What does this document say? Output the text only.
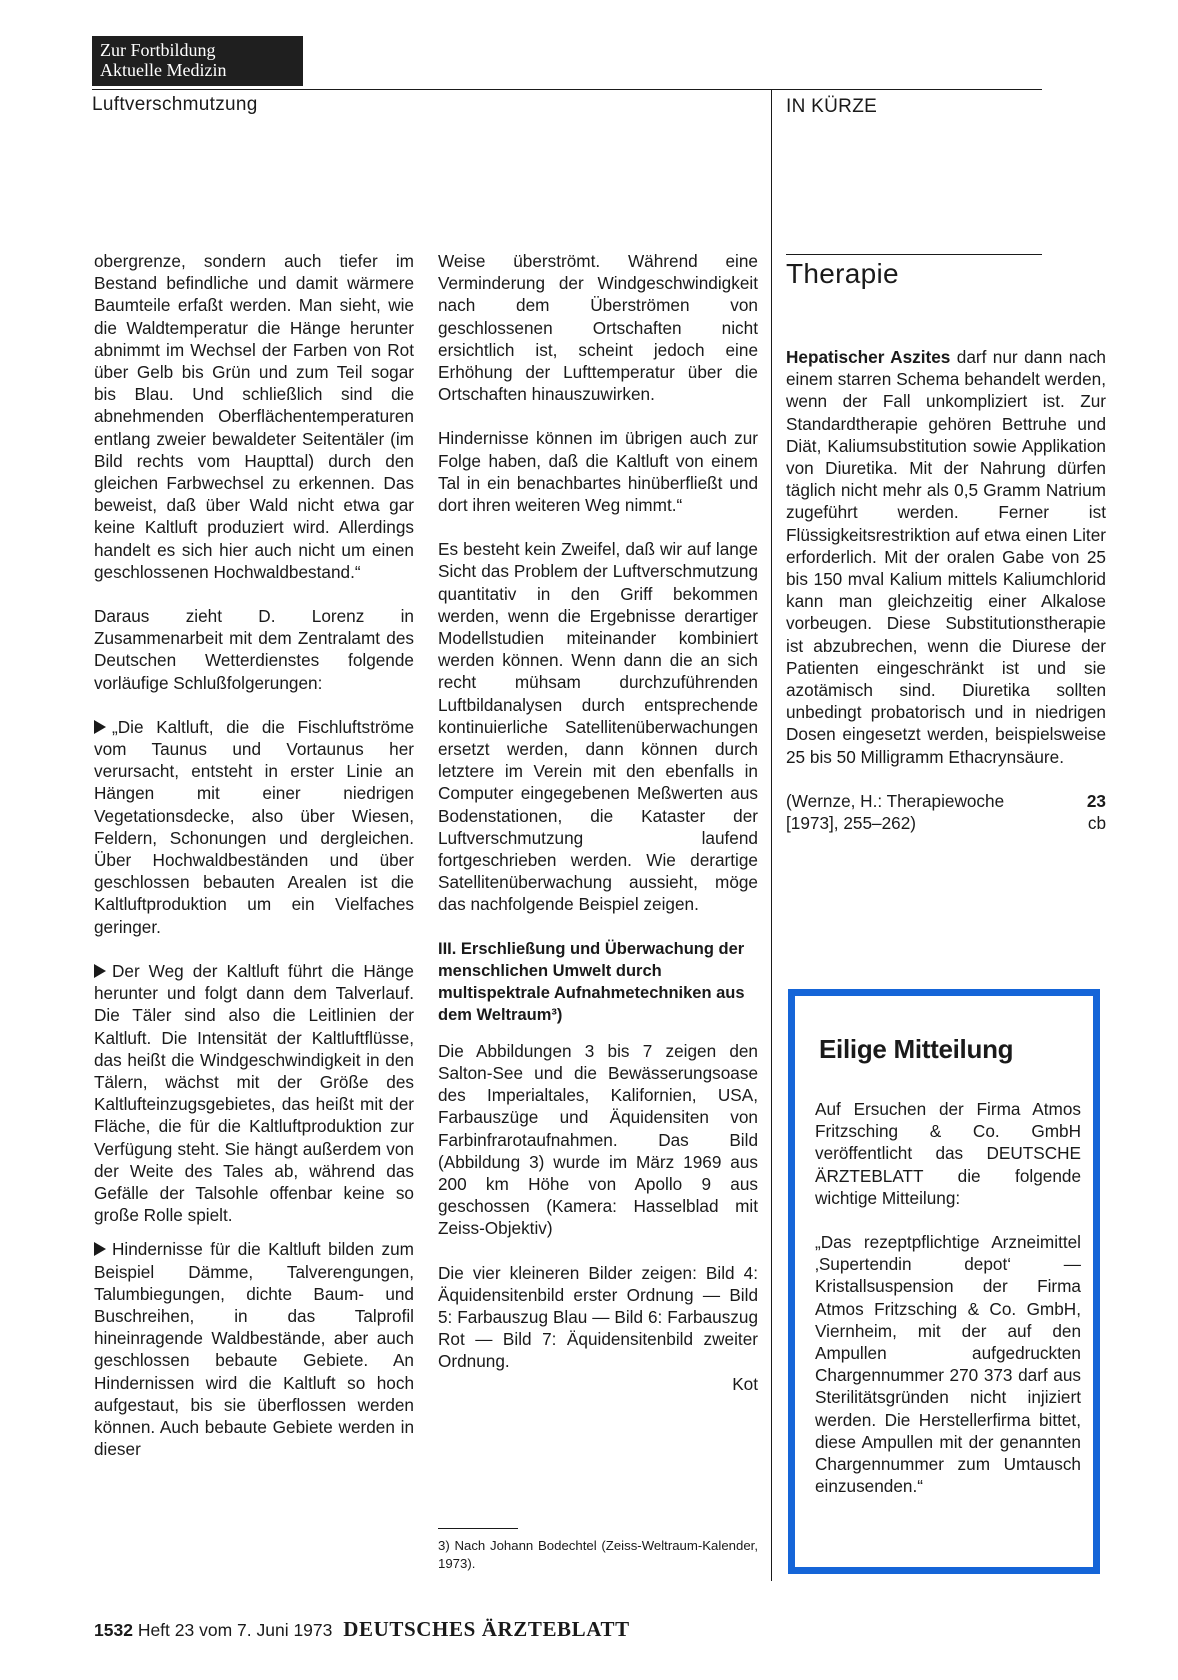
Zur Fortbildung
Aktuelle Medizin
Luftverschmutzung	IN KÜRZE

obergrenze, sondern auch tiefer im Bestand befindliche und damit wärmere Baumteile erfaßt werden. Man sieht, wie die Waldtemperatur die Hänge herunter abnimmt im Wechsel der Farben von Rot über Gelb bis Grün und zum Teil sogar bis Blau. Und schließlich sind die abnehmenden Oberflächentemperaturen entlang zweier bewaldeter Seitentäler (im Bild rechts vom Haupttal) durch den gleichen Farbwechsel zu erkennen. Das beweist, daß über Wald nicht etwa gar keine Kaltluft produziert wird. Allerdings handelt es sich hier auch nicht um einen geschlossenen Hochwaldbestand.“

Daraus zieht D. Lorenz in Zusammenarbeit mit dem Zentralamt des Deutschen Wetterdienstes folgende vorläufige Schlußfolgerungen:

„Die Kaltluft, die die Fischluftströme vom Taunus und Vortaunus her verursacht, entsteht in erster Linie an Hängen mit einer niedrigen Vegetationsdecke, also über Wiesen, Feldern, Schonungen und dergleichen. Über Hochwaldbeständen und über geschlossen bebauten Arealen ist die Kaltluftproduktion um ein Vielfaches geringer.

Der Weg der Kaltluft führt die Hänge herunter und folgt dann dem Talverlauf. Die Täler sind also die Leitlinien der Kaltluft. Die Intensität der Kaltluftflüsse, das heißt die Windgeschwindigkeit in den Tälern, wächst mit der Größe des Kaltlufteinzugsgebietes, das heißt mit der Fläche, die für die Kaltluftproduktion zur Verfügung steht. Sie hängt außerdem von der Weite des Tales ab, während das Gefälle der Talsohle offenbar keine so große Rolle spielt.

Hindernisse für die Kaltluft bilden zum Beispiel Dämme, Talverengungen, Talumbiegungen, dichte Baum- und Buschreihen, in das Talprofil hineinragende Waldbestände, aber auch geschlossen bebaute Gebiete. An Hindernissen wird die Kaltluft so hoch aufgestaut, bis sie überflossen werden können. Auch bebaute Gebiete werden in dieser

Weise überströmt. Während eine Verminderung der Windgeschwindigkeit nach dem Überströmen von geschlossenen Ortschaften nicht ersichtlich ist, scheint jedoch eine Erhöhung der Lufttemperatur über die Ortschaften hinauszuwirken.

Hindernisse können im übrigen auch zur Folge haben, daß die Kaltluft von einem Tal in ein benachbartes hinüberfließt und dort ihren weiteren Weg nimmt.“

Es besteht kein Zweifel, daß wir auf lange Sicht das Problem der Luftverschmutzung quantitativ in den Griff bekommen werden, wenn die Ergebnisse derartiger Modellstudien miteinander kombiniert werden können. Wenn dann die an sich recht mühsam durchzuführenden Luftbildanalysen durch entsprechende kontinuierliche Satellitenüberwachungen ersetzt werden, dann können durch letztere im Verein mit den ebenfalls in Computer eingegebenen Meßwerten aus Bodenstationen, die Kataster der Luftverschmutzung laufend fortgeschrieben werden. Wie derartige Satellitenüberwachung aussieht, möge das nachfolgende Beispiel zeigen.

III. Erschließung und Überwachung der menschlichen Umwelt durch multispektrale Aufnahmetechniken aus dem Weltraum³)

Die Abbildungen 3 bis 7 zeigen den Salton-See und die Bewässerungsoase des Imperialtales, Kalifornien, USA, Farbauszüge und Äquidensiten von Farbinfrarotaufnahmen. Das Bild (Abbildung 3) wurde im März 1969 aus 200 km Höhe von Apollo 9 aus geschossen (Kamera: Hasselblad mit Zeiss-Objektiv)

Die vier kleineren Bilder zeigen: Bild 4: Äquidensitenbild erster Ordnung — Bild 5: Farbauszug Blau — Bild 6: Farbauszug Rot — Bild 7: Äquidensitenbild zweiter Ordnung.

Kot
3) Nach Johann Bodechtel (Zeiss-Weltraum-Kalender, 1973).
Therapie

Hepatischer Aszites darf nur dann nach einem starren Schema behandelt werden, wenn der Fall unkompliziert ist. Zur Standardtherapie gehören Bettruhe und Diät, Kaliumsubstitution sowie Applikation von Diuretika. Mit der Nahrung dürfen täglich nicht mehr als 0,5 Gramm Natrium zugeführt werden. Ferner ist Flüssigkeitsrestriktion auf etwa einen Liter erforderlich. Mit der oralen Gabe von 25 bis 150 mval Kalium mittels Kaliumchlorid kann man gleichzeitig einer Alkalose vorbeugen. Diese Substitutionstherapie ist abzubrechen, wenn die Diurese der Patienten eingeschränkt ist und sie azotämisch sind. Diuretika sollten unbedingt probatorisch und in niedrigen Dosen eingesetzt werden, beispielsweise 25 bis 50 Milligramm Ethacrynsäure.

(Wernze, H.: Therapiewoche	23
[1973], 255–262)	cb
Eilige Mitteilung

Auf Ersuchen der Firma Atmos Fritzsching & Co. GmbH veröffentlicht das DEUTSCHE ÄRZTEBLATT die folgende wichtige Mitteilung:

„Das rezeptpflichtige Arzneimittel ‚Supertendin depot‘ — Kristallsuspension der Firma Atmos Fritzsching & Co. GmbH, Viernheim, mit der auf den Ampullen aufgedruckten Chargennummer 270 373 darf aus Sterilitätsgründen nicht injiziert werden. Die Herstellerfirma bittet, diese Ampullen mit der genannten Chargennummer zum Umtausch einzusenden.“

1532 Heft 23 vom 7. Juni 1973 DEUTSCHES ÄRZTEBLATT
